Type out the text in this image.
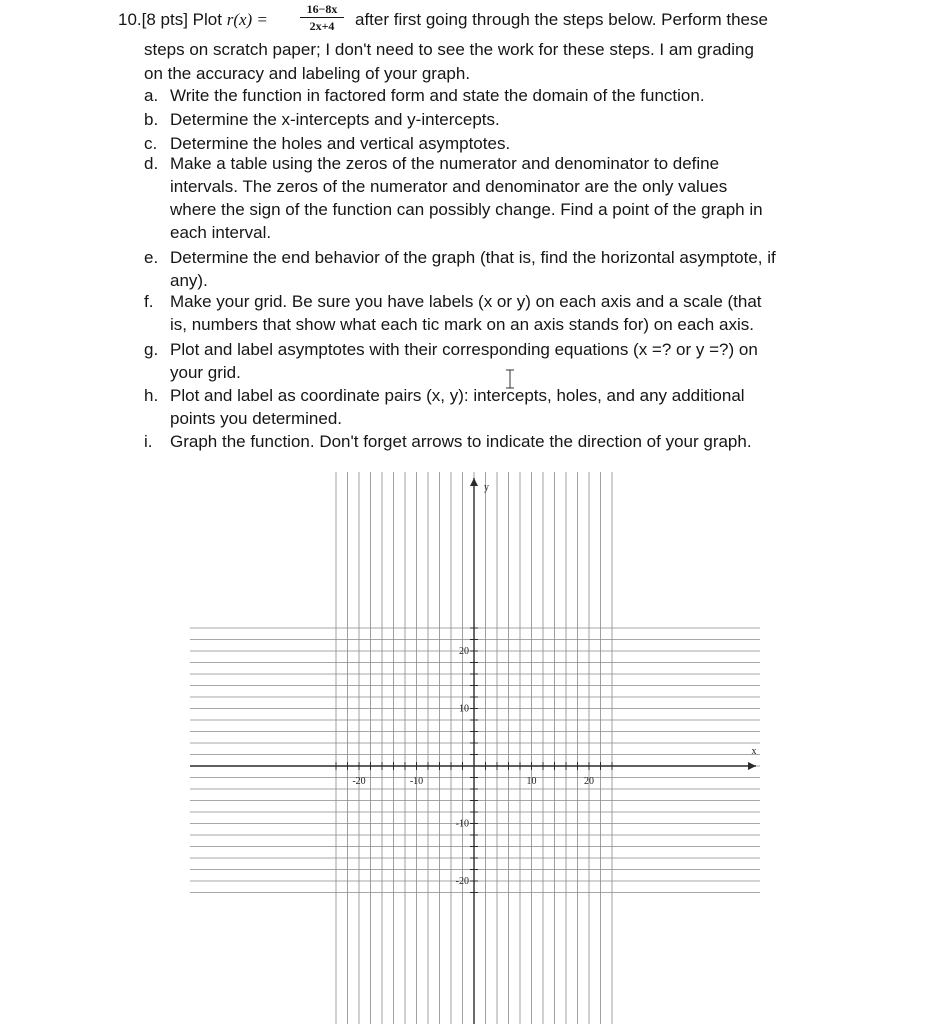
10.[8 pts] Plot r(x) =
16−8x
2x+4	after first going through the steps below. Perform these
steps on scratch paper; I don't need to see the work for these steps. I am grading
on the accuracy and labeling of your graph.
a. Write the function in factored form and state the domain of the function.
b. Determine the x-intercepts and y-intercepts.
c. Determine the holes and vertical asymptotes.
d. Make a table using the zeros of the numerator and denominator to define
intervals. The zeros of the numerator and denominator are the only values
where the sign of the function can possibly change. Find a point of the graph in
each interval.
e. Determine the end behavior of the graph (that is, find the horizontal asymptote, if
any).
f. Make your grid. Be sure you have labels (x or y) on each axis and a scale (that
is, numbers that show what each tic mark on an axis stands for) on each axis.
g. Plot and label asymptotes with their corresponding equations (x =? or y =?) on
your grid.
h. Plot and label as coordinate pairs (x, y): intercepts, holes, and any additional
points you determined.
i.	Graph the function. Don't forget arrows to indicate the direction of your graph.
-20	-10	10	20
20
10
-10
-20
x
y
